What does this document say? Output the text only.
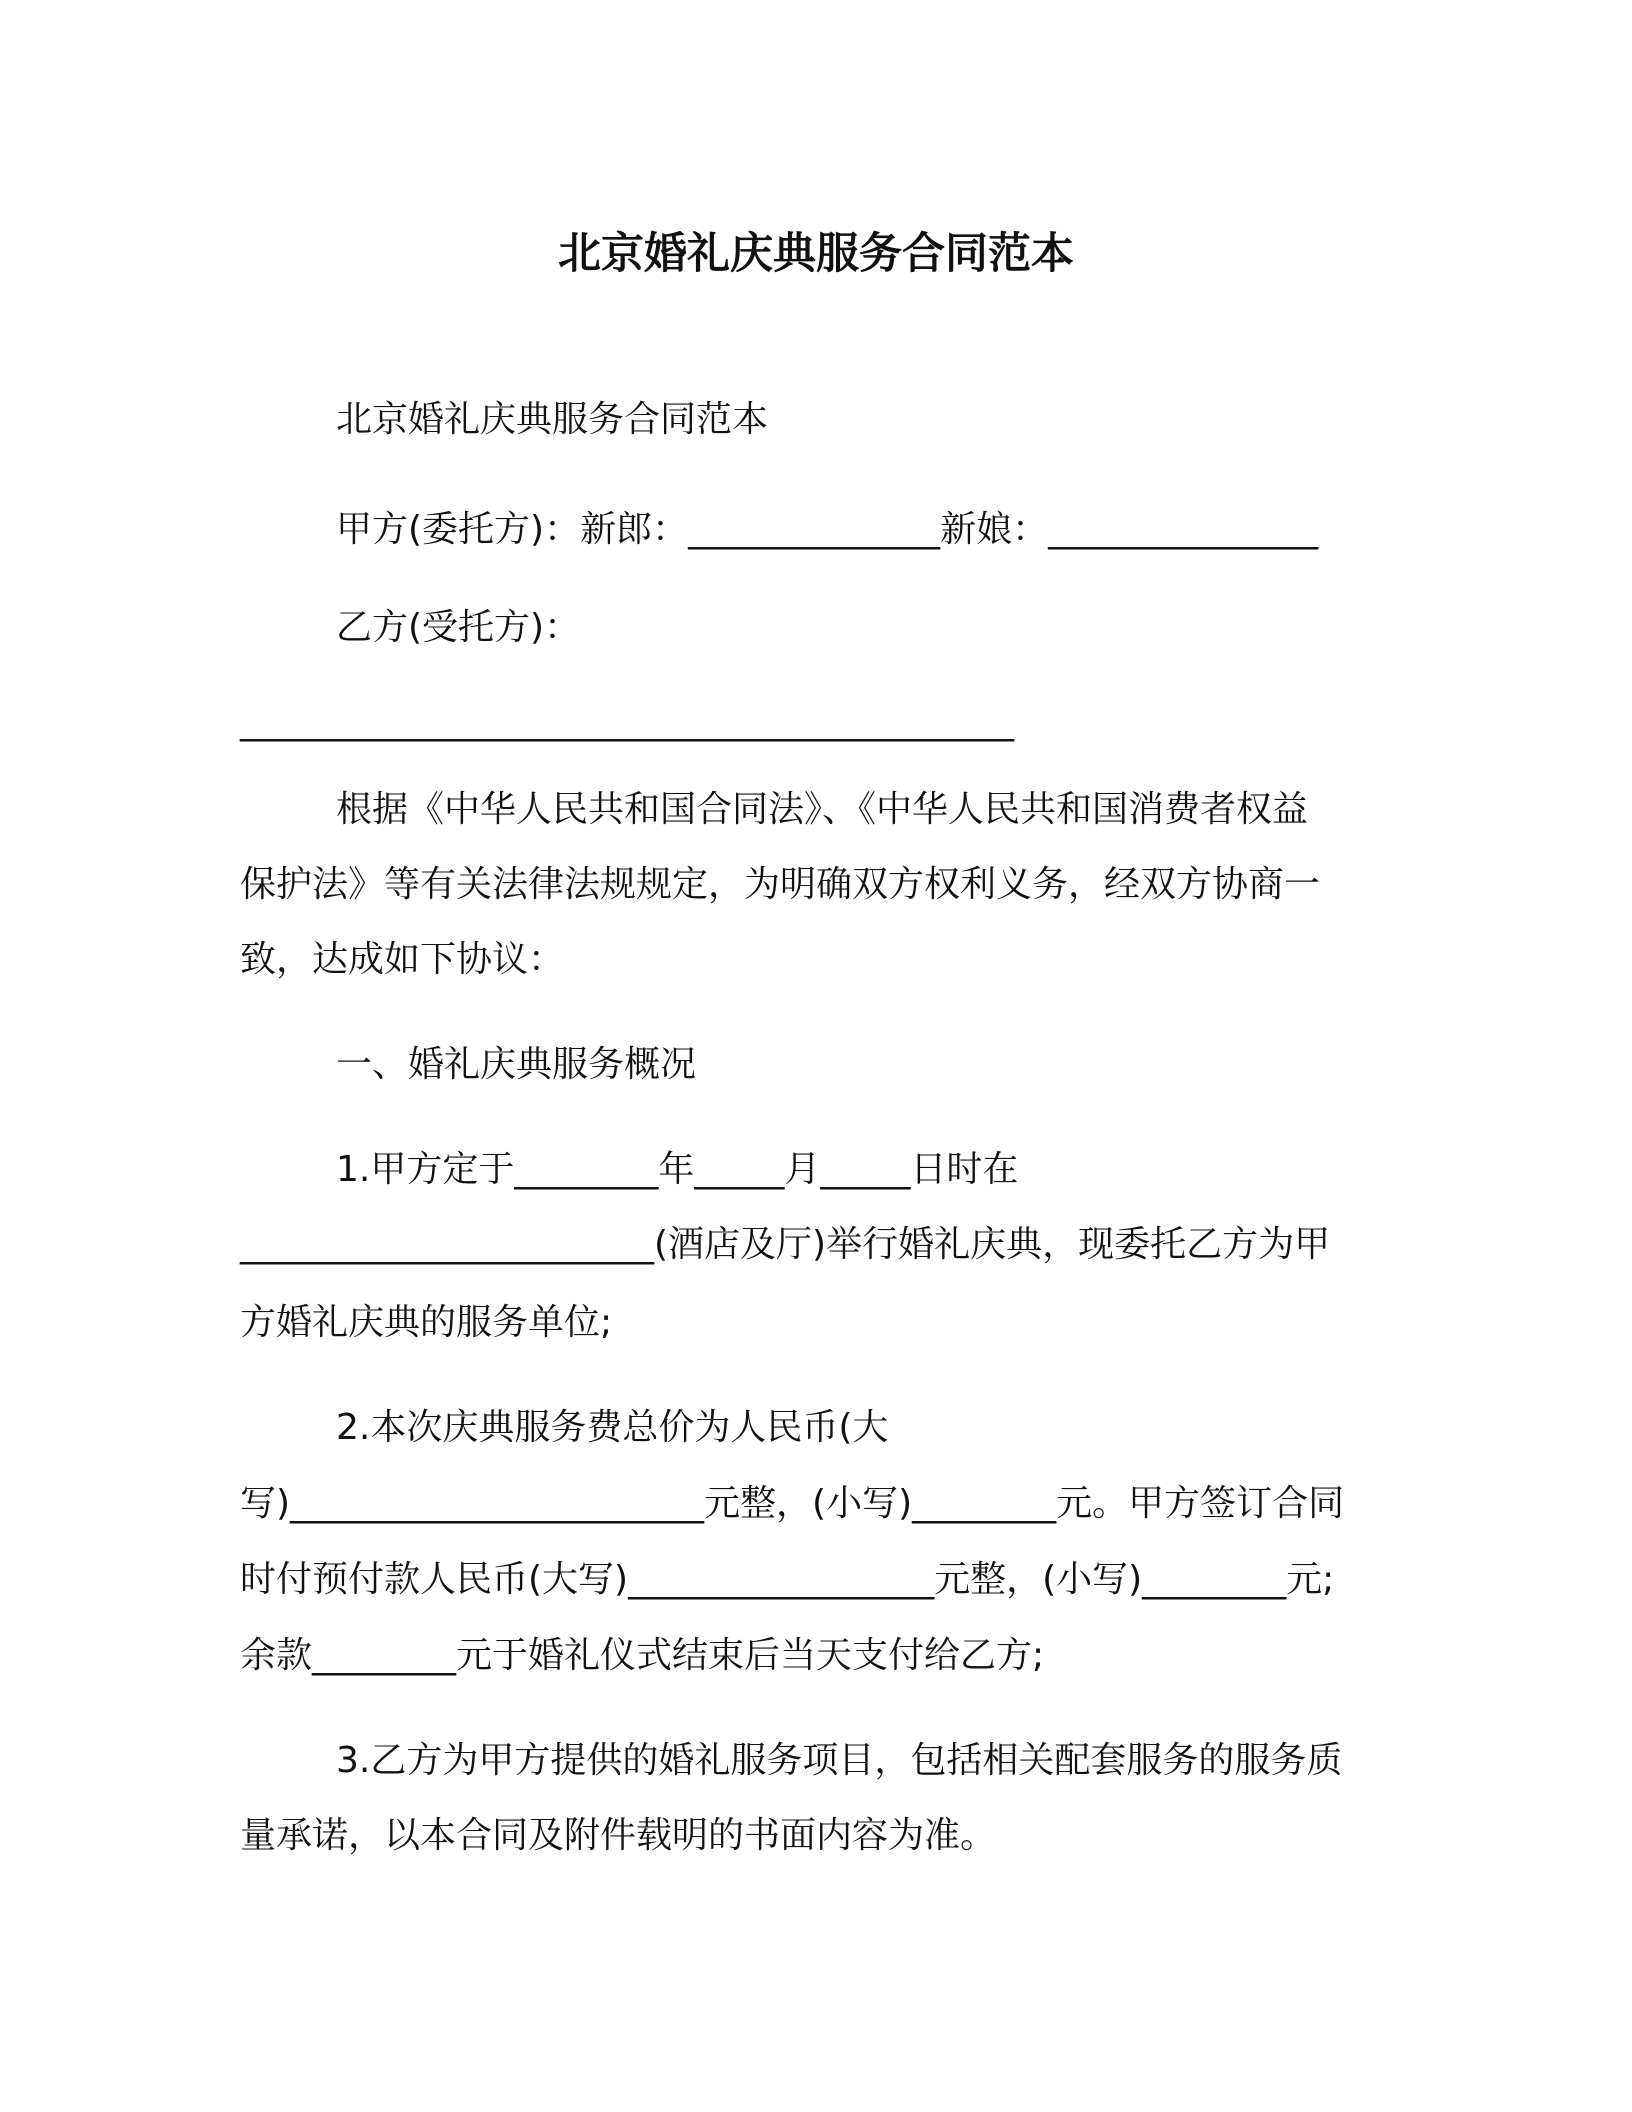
北京婚礼庆典服务合同范本
北京婚礼庆典服务合同范本
甲方(委托方)：新郎：______________新娘：_______________
乙方(受托方)：
___________________________________________
根据《中华人民共和国合同法》、《中华人民共和国消费者权益
保护法》等有关法律法规规定，为明确双方权利义务，经双方协商一
致，达成如下协议：
一、婚礼庆典服务概况
1.甲方定于________年_____月_____日时在
_______________________(酒店及厅)举行婚礼庆典，现委托乙方为甲
方婚礼庆典的服务单位;
2.本次庆典服务费总价为人民币(大
写)_______________________元整，(小写)________元。甲方签订合同
时付预付款人民币(大写)_________________元整，(小写)________元;
余款________元于婚礼仪式结束后当天支付给乙方;
3.乙方为甲方提供的婚礼服务项目，包括相关配套服务的服务质
量承诺，以本合同及附件载明的书面内容为准。
